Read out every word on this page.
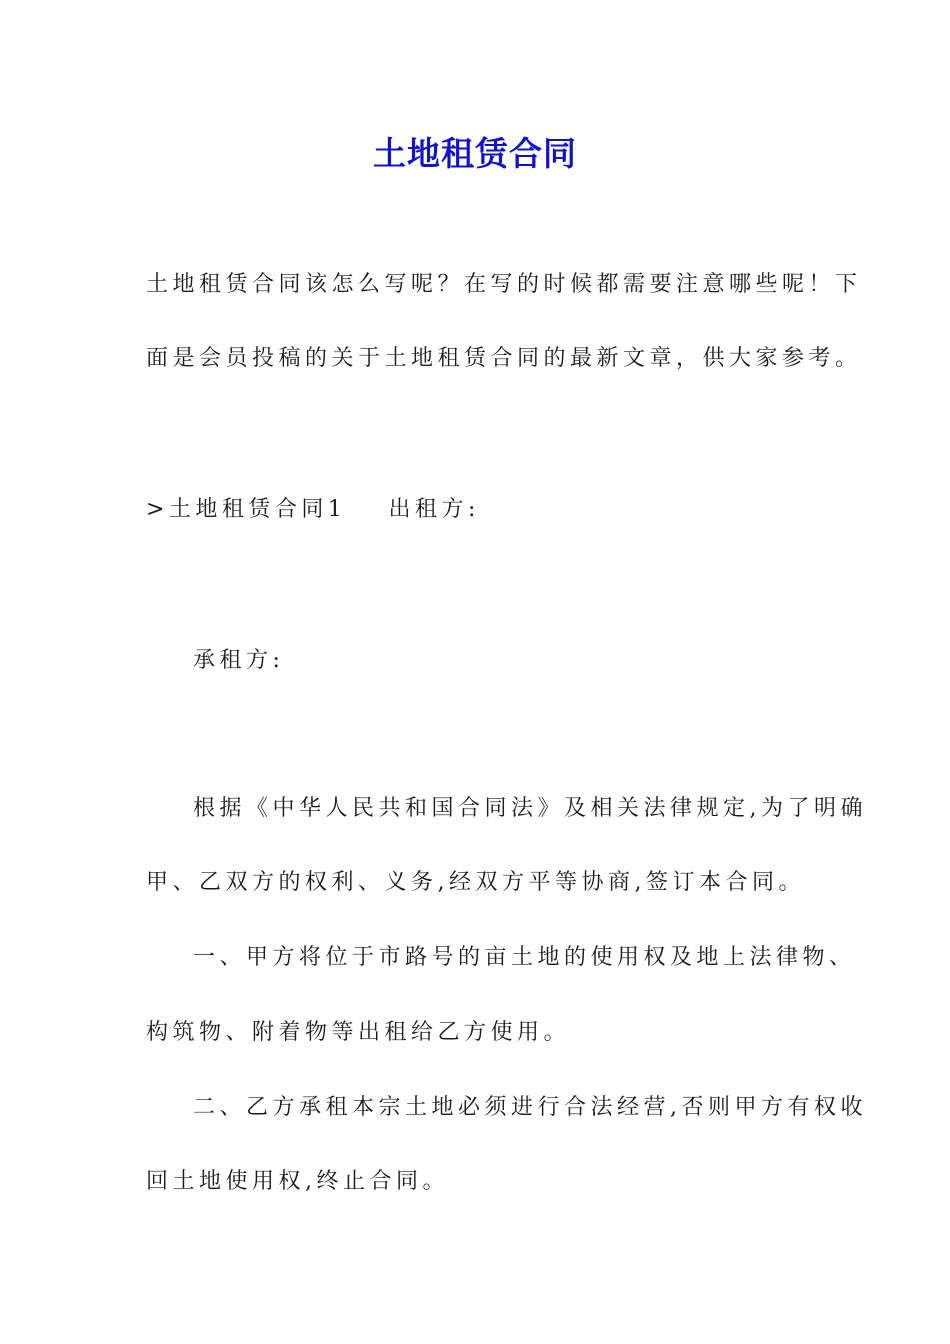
土地租赁合同

土地租赁合同该怎么写呢？在写的时候都需要注意哪些呢！下

面是会员投稿的关于土地租赁合同的最新文章，供大家参考。

>土地租赁合同1 出租方:

承租方:

根据《中华人民共和国合同法》及相关法律规定,为了明确

甲、乙双方的权利、义务,经双方平等协商,签订本合同。

一、甲方将位于市路号的亩土地的使用权及地上法律物、

构筑物、附着物等出租给乙方使用。

二、乙方承租本宗土地必须进行合法经营,否则甲方有权收

回土地使用权,终止合同。
